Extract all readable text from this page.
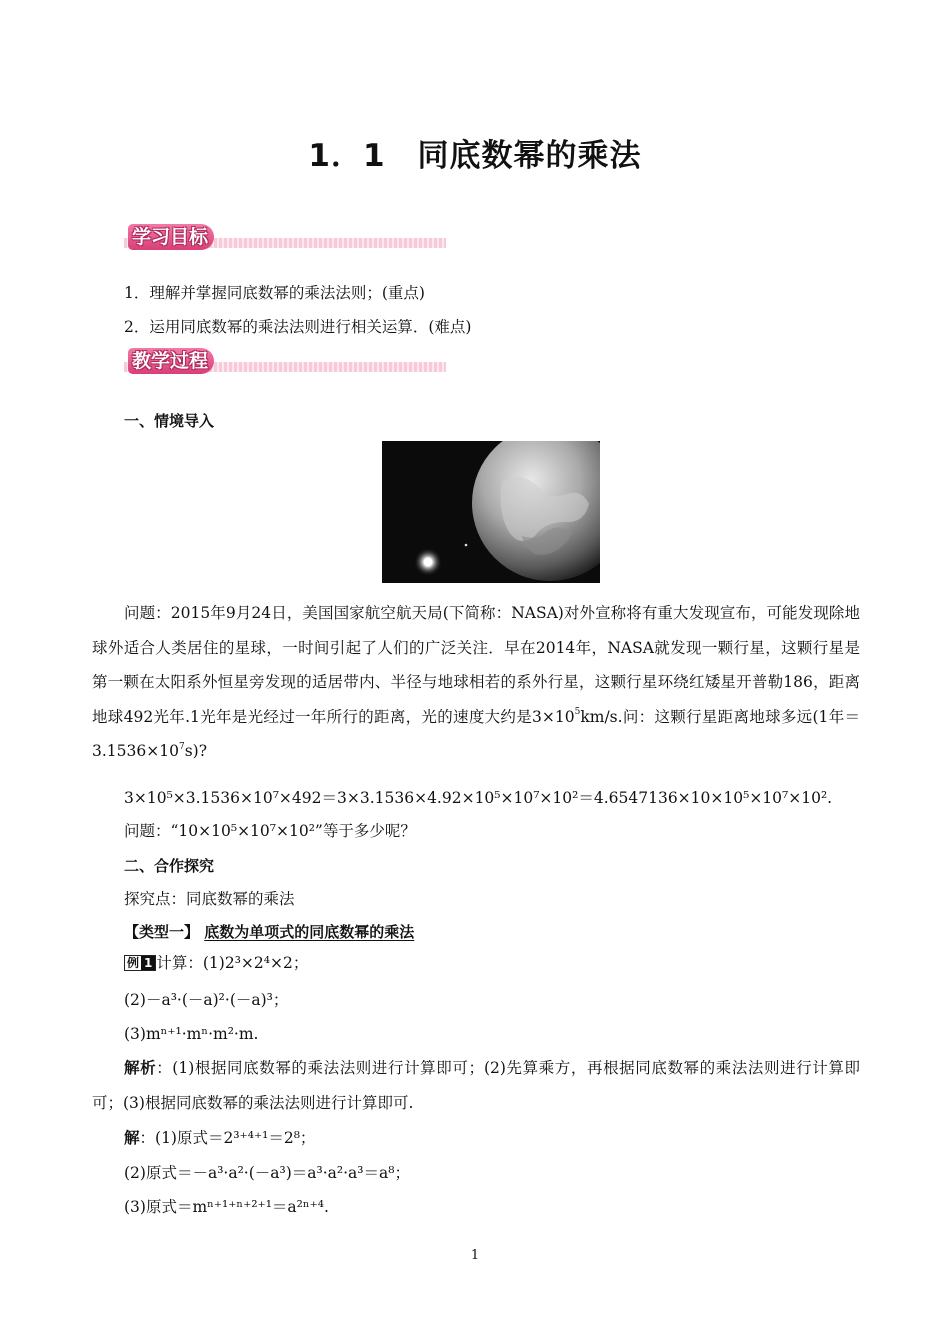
1．1　同底数幂的乘法
学习目标
1．理解并掌握同底数幂的乘法法则；(重点)
2．运用同底数幂的乘法法则进行相关运算．(难点)
教学过程
一、情境导入
问题：2015年9月24日，美国国家航空航天局(下简称：NASA)对外宣称将有重大发现宣布，可能发现除地球外适合人类居住的星球，一时间引起了人们的广泛关注．早在2014年，NASA就发现一颗行星，这颗行星是第一颗在太阳系外恒星旁发现的适居带内、半径与地球相若的系外行星，这颗行星环绕红矮星开普勒186，距离地球492光年.1光年是光经过一年所行的距离，光的速度大约是$3\times 10^5km/s$.问：这颗行星距离地球多远(1年$=3.1536\times 10^7s$)?
3×10⁵×3.1536×10⁷×492＝3×3.1536×4.92×10⁵×10⁷×10²＝4.6547136×10×10⁵×10⁷×10².
问题：“10×10⁵×10⁷×10²”等于多少呢？
二、合作探究
探究点：同底数幂的乘法
【类型一】 底数为单项式的同底数幂的乘法
例 1 计算：(1)2³×2⁴×2；
(2)－a³·(－a)²·(－a)³；
(3)mⁿ⁺¹·mⁿ·m²·m.
解析：(1)根据同底数幂的乘法法则进行计算即可；(2)先算乘方，再根据同底数幂的乘法法则进行计算即可；(3)根据同底数幂的乘法法则进行计算即可.
解：(1)原式＝2³⁺⁴⁺¹＝2⁸；
(2)原式＝－a³·a²·(－a³)＝a³·a²·a³＝a⁸；
(3)原式＝mⁿ⁺¹⁺ⁿ⁺²⁺¹＝a²ⁿ⁺⁴.
1
